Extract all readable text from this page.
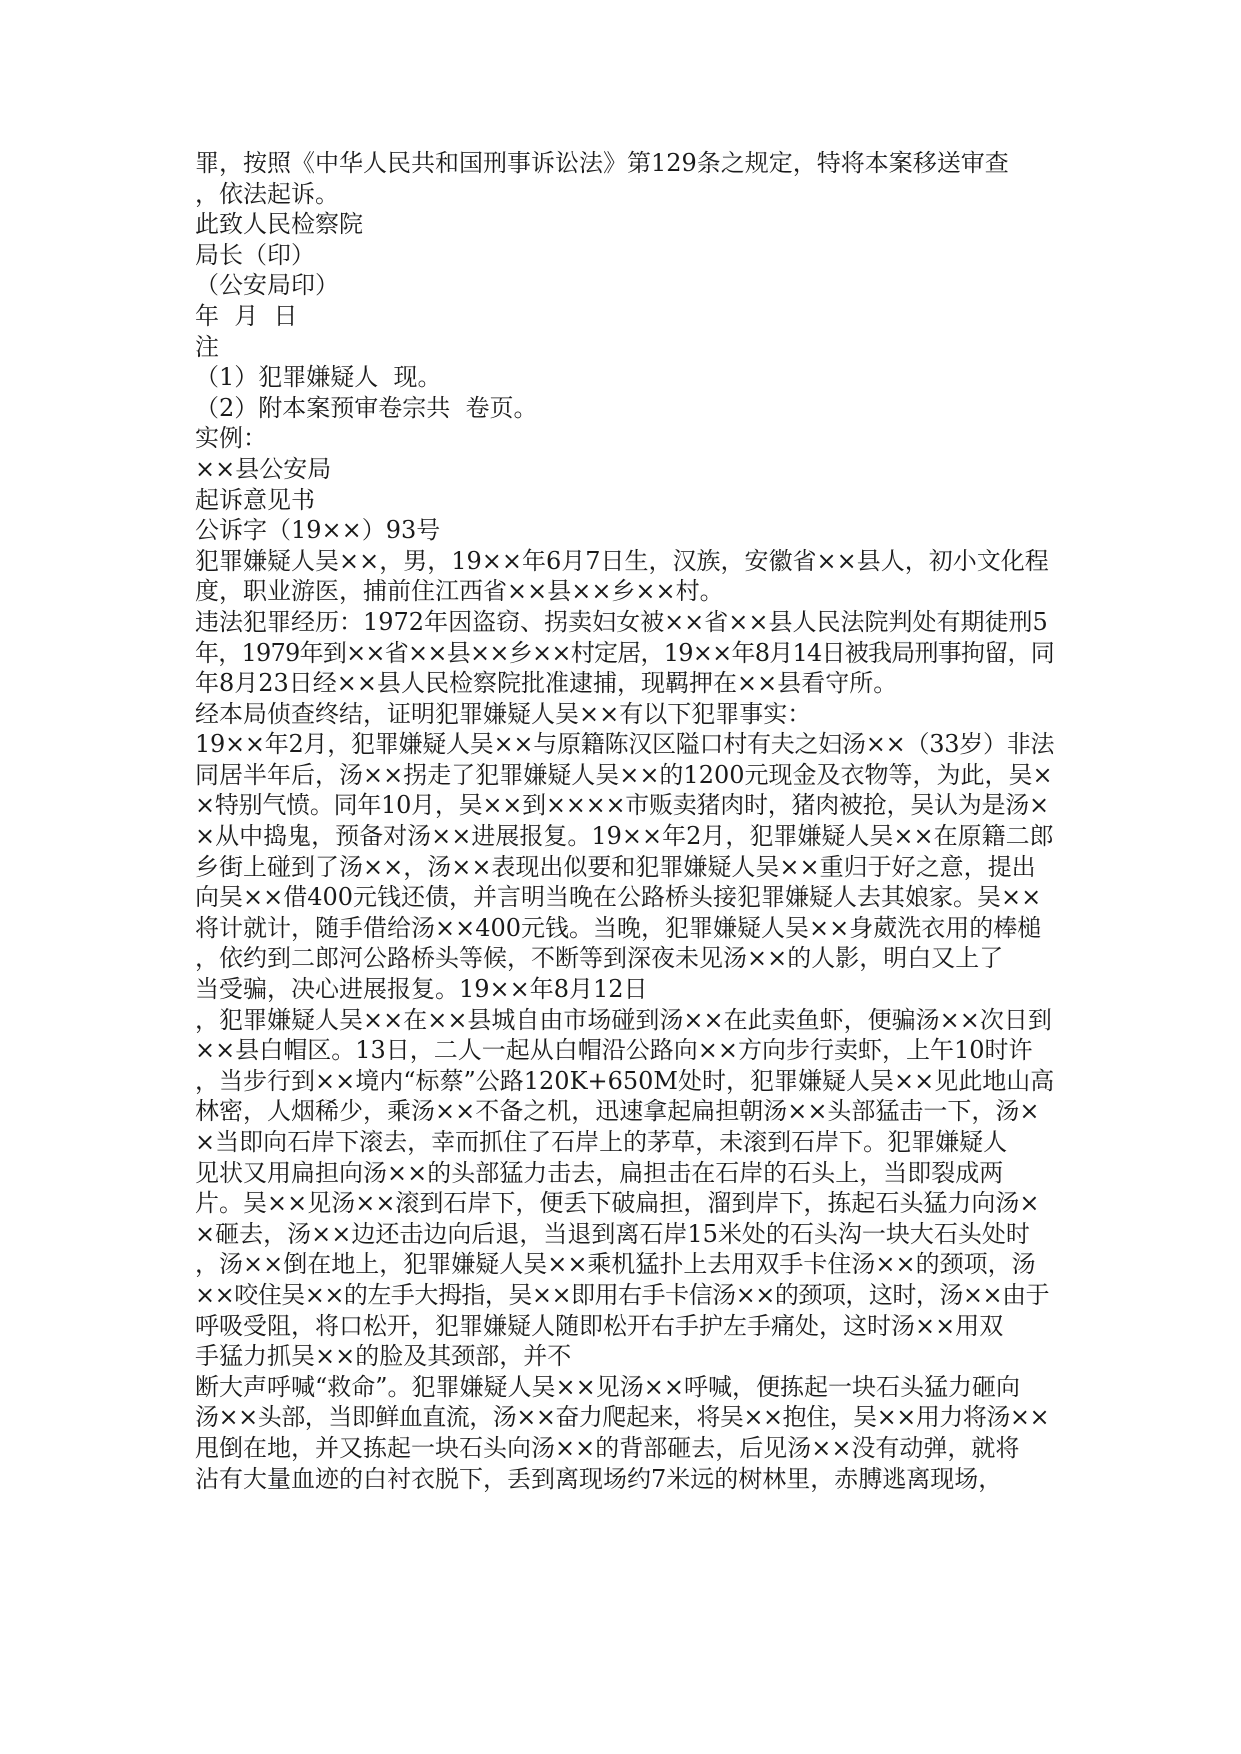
罪，按照《中华人民共和国刑事诉讼法》第129条之规定，特将本案移送审查
，依法起诉。
此致人民检察院
局长（印）
（公安局印）
年  月  日
注
（1）犯罪嫌疑人  现。
（2）附本案预审卷宗共  卷页。
实例：
××县公安局
起诉意见书
公诉字（19××）93号
犯罪嫌疑人吴××，男，19××年6月7日生，汉族，安徽省××县人，初小文化程
度，职业游医，捕前住江西省××县××乡××村。
违法犯罪经历：1972年因盗窃、拐卖妇女被××省××县人民法院判处有期徒刑5
年，1979年到××省××县××乡××村定居，19××年8月14日被我局刑事拘留，同
年8月23日经××县人民检察院批准逮捕，现羁押在××县看守所。
经本局侦查终结，证明犯罪嫌疑人吴××有以下犯罪事实：
19××年2月，犯罪嫌疑人吴××与原籍陈汉区隘口村有夫之妇汤××（33岁）非法
同居半年后，汤××拐走了犯罪嫌疑人吴××的1200元现金及衣物等，为此，吴×
×特别气愤。同年10月，吴××到××××市贩卖猪肉时，猪肉被抢，吴认为是汤×
×从中捣鬼，预备对汤××进展报复。19××年2月，犯罪嫌疑人吴××在原籍二郎
乡街上碰到了汤××，汤××表现出似要和犯罪嫌疑人吴××重归于好之意，提出
向吴××借400元钱还债，并言明当晚在公路桥头接犯罪嫌疑人去其娘家。吴××
将计就计，随手借给汤××400元钱。当晚，犯罪嫌疑人吴××身葳洗衣用的棒槌
，依约到二郎河公路桥头等候，不断等到深夜未见汤××的人影，明白又上了
当受骗，决心进展报复。19××年8月12日
，犯罪嫌疑人吴××在××县城自由市场碰到汤××在此卖鱼虾，便骗汤××次日到
××县白帽区。13日，二人一起从白帽沿公路向××方向步行卖虾，上午10时许
，当步行到××境内“标蔡”公路120K+650M处时，犯罪嫌疑人吴××见此地山高
林密，人烟稀少，乘汤××不备之机，迅速拿起扁担朝汤××头部猛击一下，汤×
×当即向石岸下滚去，幸而抓住了石岸上的茅草，未滚到石岸下。犯罪嫌疑人
见状又用扁担向汤××的头部猛力击去，扁担击在石岸的石头上，当即裂成两
片。吴××见汤××滚到石岸下，便丢下破扁担，溜到岸下，拣起石头猛力向汤×
×砸去，汤××边还击边向后退，当退到离石岸15米处的石头沟一块大石头处时
，汤××倒在地上，犯罪嫌疑人吴××乘机猛扑上去用双手卡住汤××的颈项，汤
××咬住吴××的左手大拇指，吴××即用右手卡信汤××的颈项，这时，汤××由于
呼吸受阻，将口松开，犯罪嫌疑人随即松开右手护左手痛处，这时汤××用双
手猛力抓吴××的脸及其颈部，并不
断大声呼喊“救命”。犯罪嫌疑人吴××见汤××呼喊，便拣起一块石头猛力砸向
汤××头部，当即鲜血直流，汤××奋力爬起来，将吴××抱住，吴××用力将汤××
甩倒在地，并又拣起一块石头向汤××的背部砸去，后见汤××没有动弹，就将
沾有大量血迹的白衬衣脱下，丢到离现场约7米远的树林里，赤膊逃离现场，
